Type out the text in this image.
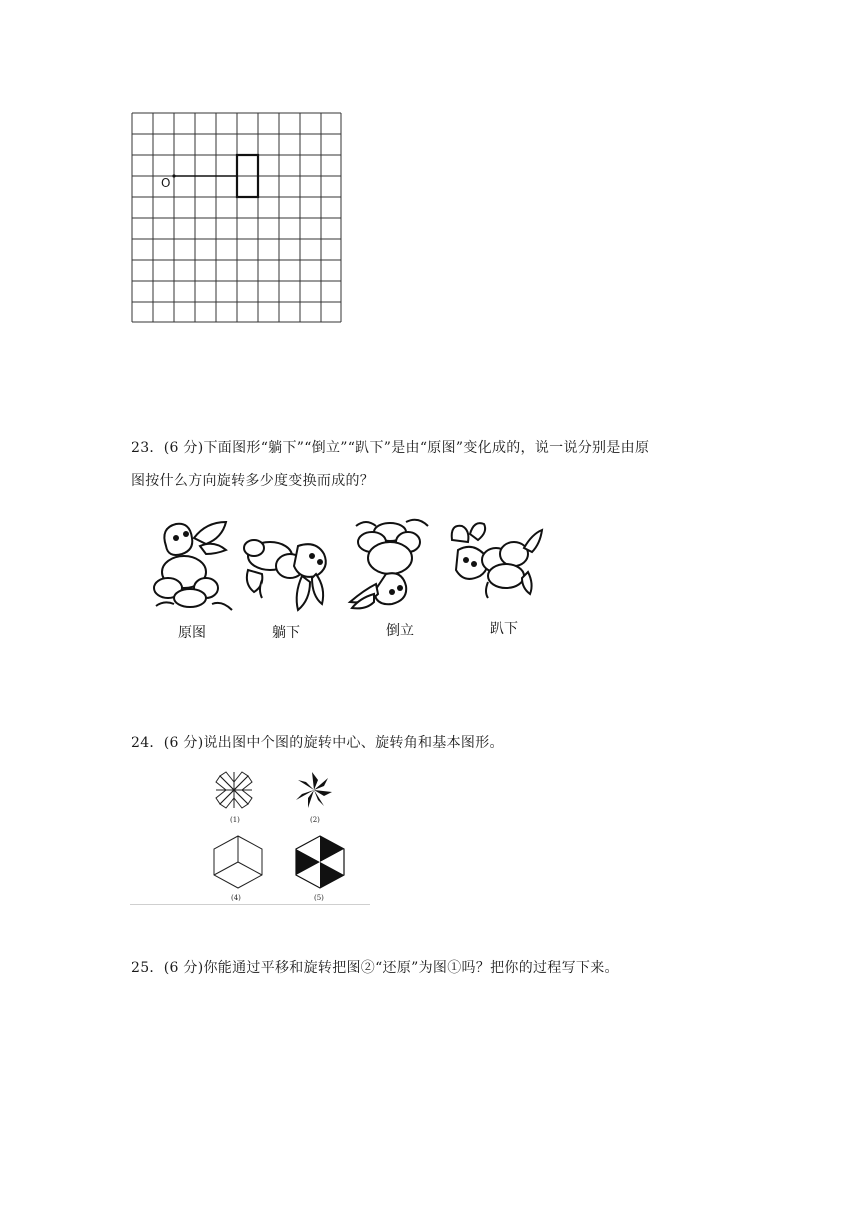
O
23．(6 分)下面图形“躺下”“倒立”“趴下”是由“原图”变化成的，说一说分别是由原
图按什么方向旋转多少度变换而成的？
原图	躺下	倒立	趴下
24．(6 分)说出图中个图的旋转中心、旋转角和基本图形。
(1)	(2)
(4)	(5)
25．(6 分)你能通过平移和旋转把图②“还原”为图①吗？把你的过程写下来。
